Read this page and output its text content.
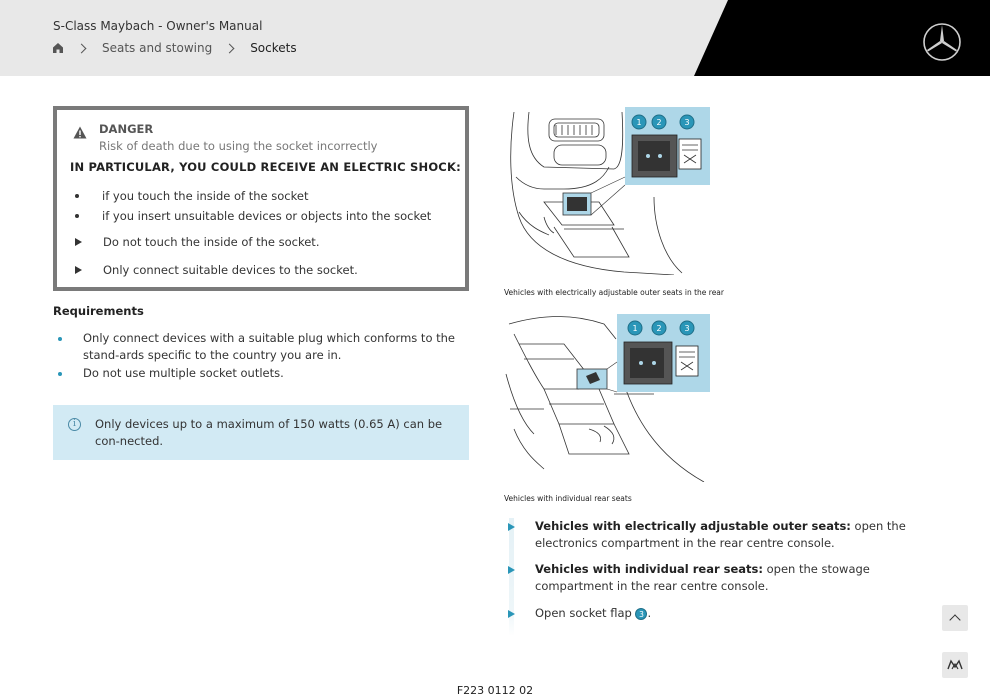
S-Class Maybach - Owner's Manual
Seats and stowing	Sockets
DANGER
Risk of death due to using the socket incorrectly
IN PARTICULAR, YOU COULD RECEIVE AN ELECTRIC SHOCK:
if you touch the inside of the socket
if you insert unsuitable devices or objects into the socket
Do not touch the inside of the socket.
Only connect suitable devices to the socket.
Requirements
Only connect devices with a suitable plug which conforms to the stand-ards specific to the country you are in.
Do not use multiple socket outlets.
i	Only devices up to a maximum of 150 watts (0.65 A) can be con-nected.
1 2	3
Vehicles with electrically adjustable outer seats in the rear
1 2	3
Vehicles with individual rear seats
Vehicles with electrically adjustable outer seats: open the electronics compartment in the rear centre console.
Vehicles with individual rear seats: open the stowage compartment in the rear centre console.
Open socket flap 3 .
F223 0112 02
